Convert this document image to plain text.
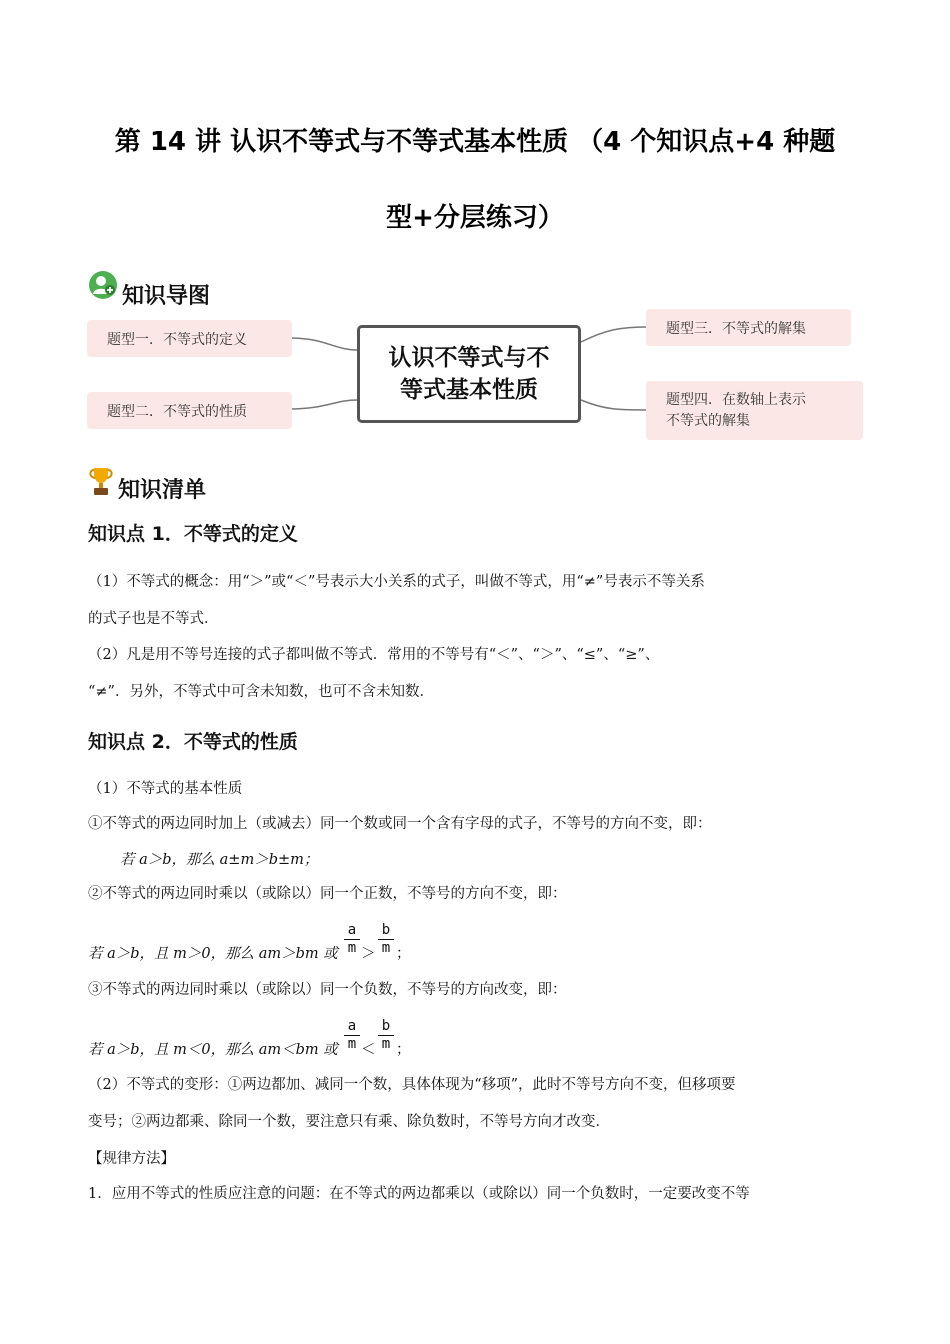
第 14 讲 认识不等式与不等式基本性质 （4 个知识点+4 种题
型+分层练习）
知识导图
题型一．不等式的定义
题型二．不等式的性质
题型三．不等式的解集
题型四．在数轴上表示
不等式的解集
认识不等式与不
等式基本性质
知识清单
知识点 1．不等式的定义
（1）不等式的概念：用“＞”或“＜”号表示大小关系的式子，叫做不等式，用“≠”号表示不等关系
的式子也是不等式．
（2）凡是用不等号连接的式子都叫做不等式．常用的不等号有“＜”、“＞”、“≤”、“≥”、
“≠”．另外，不等式中可含未知数，也可不含未知数．
知识点 2．不等式的性质
（1）不等式的基本性质
①不等式的两边同时加上（或减去）同一个数或同一个含有字母的式子，不等号的方向不变，即：
若 a＞b，那么 a±m＞b±m；
②不等式的两边同时乘以（或除以）同一个正数，不等号的方向不变，即：
若 a＞b，且 m＞0，那么 am＞bm 或 $\frac{a}{m} > \frac{b}{m}$ ；
③不等式的两边同时乘以（或除以）同一个负数，不等号的方向改变，即：
若 a＞b，且 m＜0，那么 am＜bm 或 $\frac{a}{m} < \frac{b}{m}$ ；
（2）不等式的变形：①两边都加、减同一个数，具体体现为“移项”，此时不等号方向不变，但移项要
变号；②两边都乘、除同一个数，要注意只有乘、除负数时，不等号方向才改变．
【规律方法】
1．应用不等式的性质应注意的问题：在不等式的两边都乘以（或除以）同一个负数时，一定要改变不等
